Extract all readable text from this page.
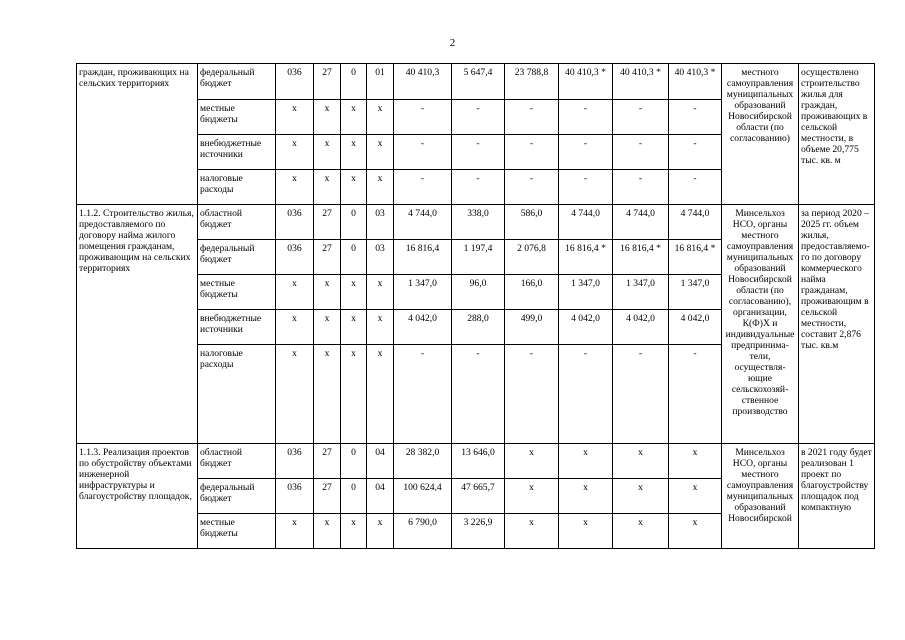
2
граждан, проживающих на сельских территориях	федеральный бюджет	036	27	0	01	40 410,3	5 647,4	23 788,8	40 410,3 *	40 410,3 *	40 410,3 *	местного самоуправления муниципальных образований Новосибирской области (по согласованию)	осуществлено строительство жилья для граждан, проживающих в сельской местности, в объеме 20,775 тыс. кв. м
	местные бюджеты	x	x	x	x	-	-	-	-	-	-		
	внебюджетные источники	x	x	x	x	-	-	-	-	-	-		
	налоговые расходы	x	x	x	x	-	-	-	-	-	-		
1.1.2. Строительство жилья, предоставляемого по договору найма жилого помещения гражданам, проживающим на сельских территориях	областной бюджет	036	27	0	03	4 744,0	338,0	586,0	4 744,0	4 744,0	4 744,0	Минсельхоз НСО, органы местного самоуправления муниципальных образований Новосибирской области (по согласованию), организации, К(Ф)Х и индивидуальные предпринима-
тели, осуществля-
ющие сельскохозяй-
ственное производство	за период 2020 – 2025 гг. объем жилья, предоставляемо-го по договору коммерческого найма гражданам, проживающим в сельской местности, составит 2,876 тыс. кв.м
	федеральный бюджет	036	27	0	03	16 816,4	1 197,4	2 076,8	16 816,4 *	16 816,4 *	16 816,4 *		
	местные бюджеты	x	x	x	x	1 347,0	96,0	166,0	1 347,0	1 347,0	1 347,0		
	внебюджетные источники	x	x	x	x	4 042,0	288,0	499,0	4 042,0	4 042,0	4 042,0		
	налоговые расходы	x	x	x	x	-	-	-	-	-	-		
1.1.3. Реализация проектов по обустройству объектами инженерной инфраструктуры и благоустройству площадок,	областной бюджет	036	27	0	04	28 382,0	13 646,0	x	x	x	x	Минсельхоз НСО, органы местного самоуправления муниципальных образований Новосибирской	в 2021 году будет реализован 1 проект по благоустройству площадок под компактную
	федеральный бюджет	036	27	0	04	100 624,4	47 665,7	x	x	x	x		
	местные бюджеты	x	x	x	x	6 790,0	3 226,9	x	x	x	x		
